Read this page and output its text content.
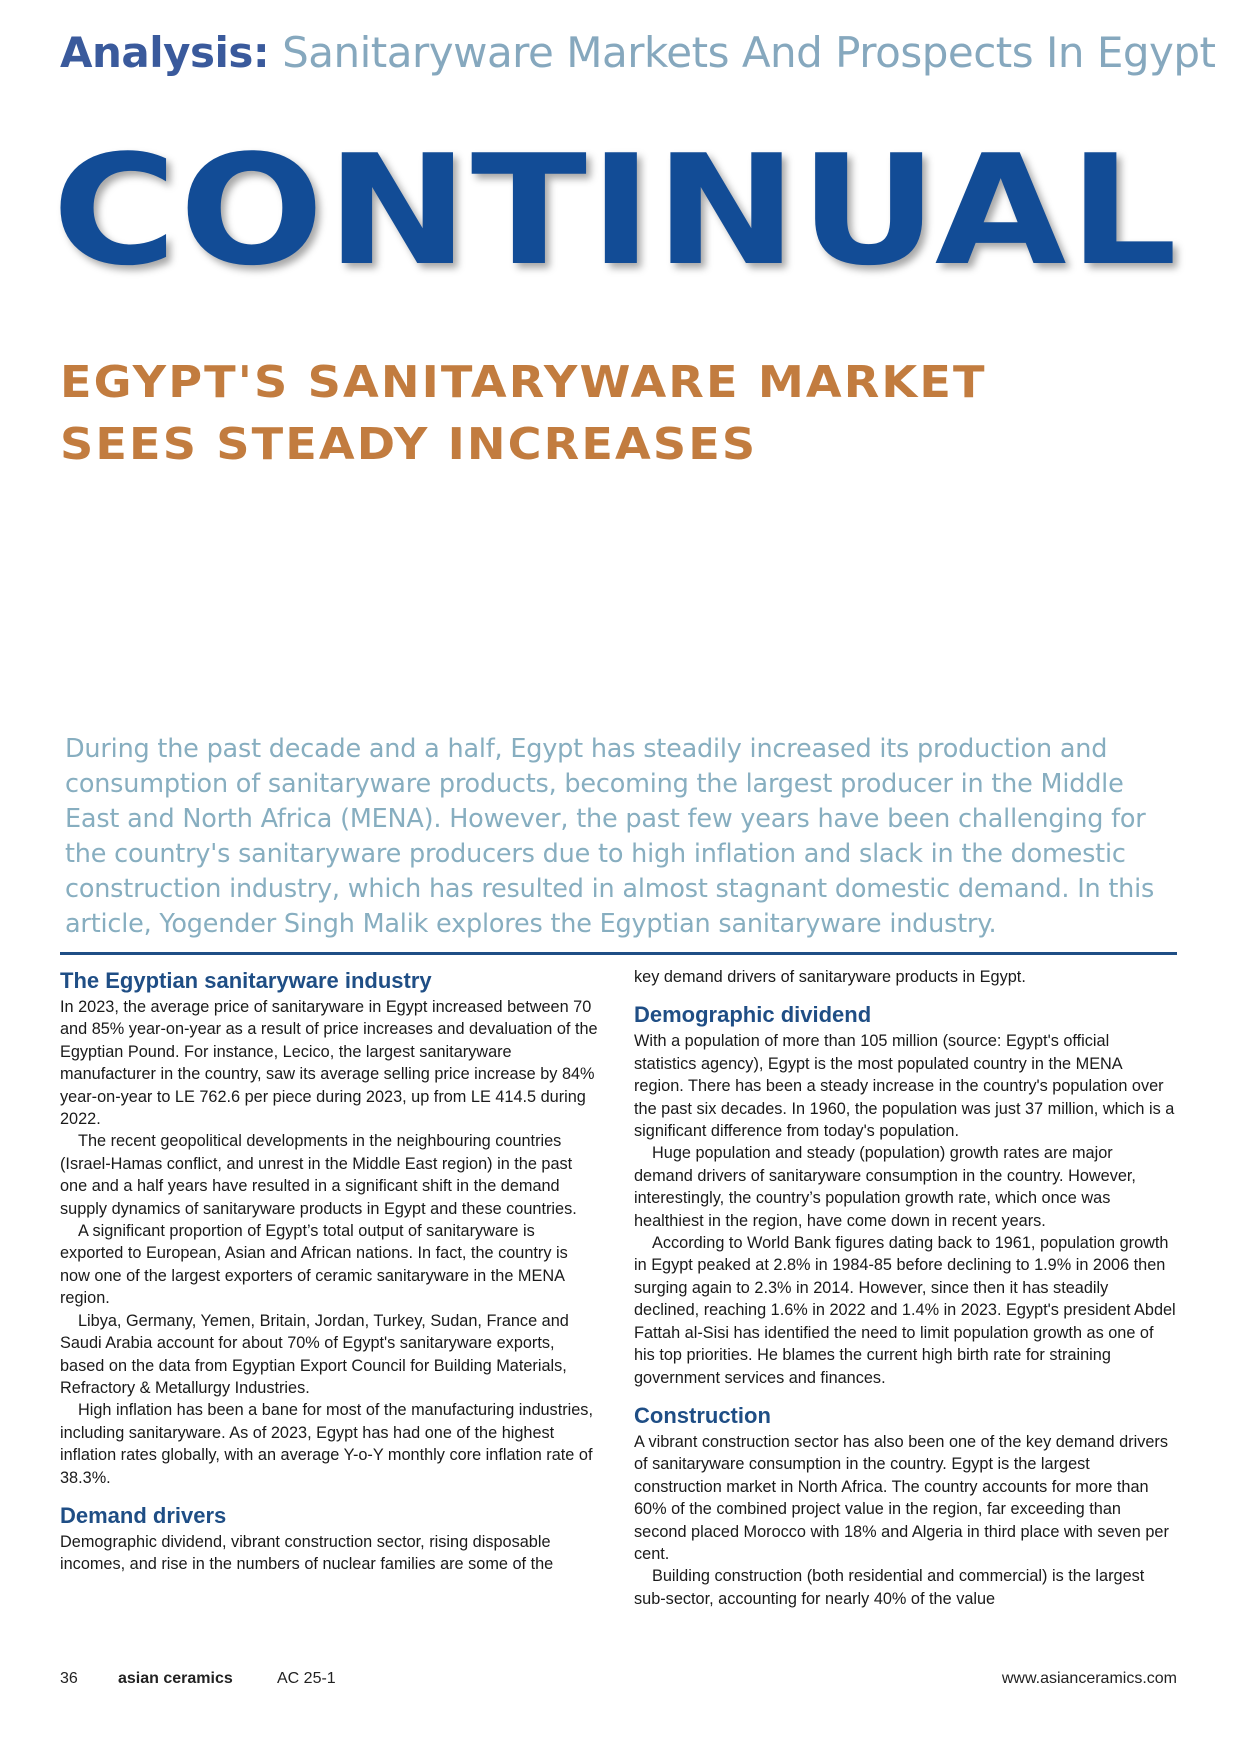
Analysis: Sanitaryware Markets And Prospects In Egypt
CONTINUAL
EGYPT'S SANITARYWARE MARKET
SEES STEADY INCREASES
During the past decade and a half, Egypt has steadily increased its production and
consumption of sanitaryware products, becoming the largest producer in the Middle
East and North Africa (MENA). However, the past few years have been challenging for
the country's sanitaryware producers due to high inflation and slack in the domestic
construction industry, which has resulted in almost stagnant domestic demand. In this
article, Yogender Singh Malik explores the Egyptian sanitaryware industry.
The Egyptian sanitaryware industry

In 2023, the average price of sanitaryware in Egypt increased between 70 and 85% year-on-year as a result of price increases and devaluation of the Egyptian Pound. For instance, Lecico, the largest sanitaryware manufacturer in the country, saw its average selling price increase by 84% year-on-year to LE 762.6 per piece during 2023, up from LE 414.5 during 2022.

The recent geopolitical developments in the neighbouring countries (Israel-Hamas conflict, and unrest in the Middle East region) in the past one and a half years have resulted in a significant shift in the demand supply dynamics of sanitaryware products in Egypt and these countries.

A significant proportion of Egypt’s total output of sanitaryware is exported to European, Asian and African nations. In fact, the country is now one of the largest exporters of ceramic sanitaryware in the MENA region.

Libya, Germany, Yemen, Britain, Jordan, Turkey, Sudan, France and Saudi Arabia account for about 70% of Egypt's sanitaryware exports, based on the data from Egyptian Export Council for Building Materials, Refractory & Metallurgy Industries.

High inflation has been a bane for most of the manufacturing industries, including sanitaryware. As of 2023, Egypt has had one of the highest inflation rates globally, with an average Y-o-Y monthly core inflation rate of 38.3%.

Demand drivers

Demographic dividend, vibrant construction sector, rising disposable incomes, and rise in the numbers of nuclear families are some of the

key demand drivers of sanitaryware products in Egypt.

Demographic dividend

With a population of more than 105 million (source: Egypt's official statistics agency), Egypt is the most populated country in the MENA region. There has been a steady increase in the country's population over the past six decades. In 1960, the population was just 37 million, which is a significant difference from today's population.

Huge population and steady (population) growth rates are major demand drivers of sanitaryware consumption in the country. However, interestingly, the country’s population growth rate, which once was healthiest in the region, have come down in recent years.

According to World Bank figures dating back to 1961, population growth in Egypt peaked at 2.8% in 1984-85 before declining to 1.9% in 2006 then surging again to 2.3% in 2014. However, since then it has steadily declined, reaching 1.6% in 2022 and 1.4% in 2023. Egypt's president Abdel Fattah al-Sisi has identified the need to limit population growth as one of his top priorities. He blames the current high birth rate for straining government services and finances.

Construction

A vibrant construction sector has also been one of the key demand drivers of sanitaryware consumption in the country. Egypt is the largest construction market in North Africa. The country accounts for more than 60% of the combined project value in the region, far exceeding than second placed Morocco with 18% and Algeria in third place with seven per cent.

Building construction (both residential and commercial) is the largest sub-sector, accounting for nearly 40% of the value

36	asian ceramics	AC 25-1	www.asianceramics.com
